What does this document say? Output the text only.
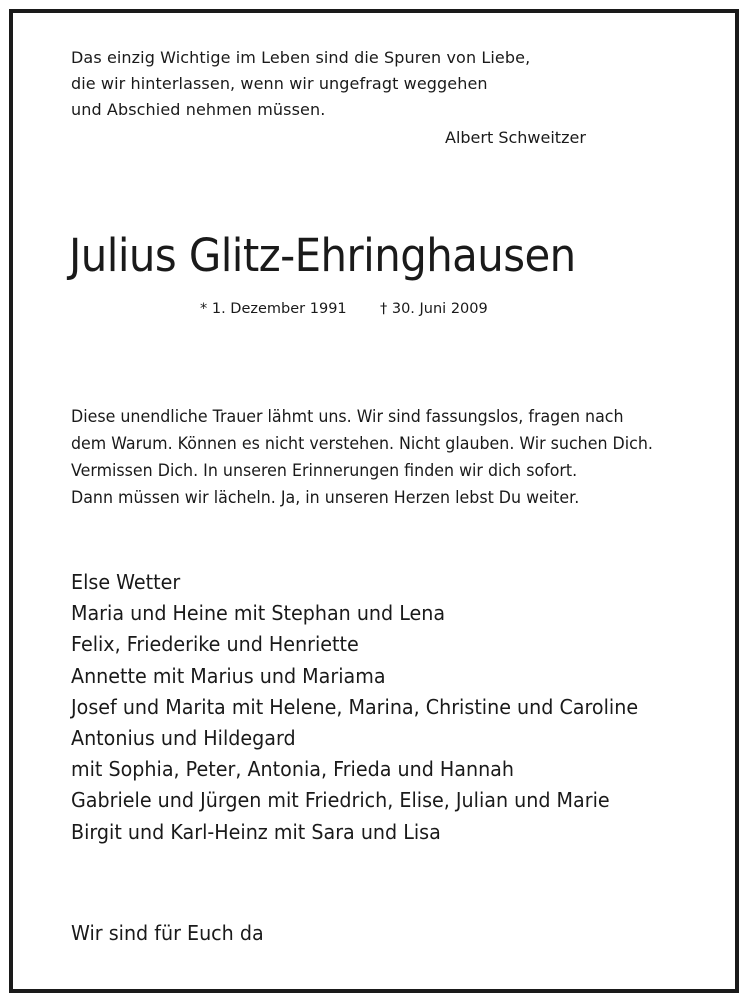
Das einzig Wichtige im Leben sind die Spuren von Liebe,
die wir hinterlassen, wenn wir ungefragt weggehen
und Abschied nehmen müssen.
Albert Schweitzer
Julius Glitz-Ehringhausen
* 1. Dezember 1991 † 30. Juni 2009
Diese unendliche Trauer lähmt uns. Wir sind fassungslos, fragen nach
dem Warum. Können es nicht verstehen. Nicht glauben. Wir suchen Dich.
Vermissen Dich. In unseren Erinnerungen finden wir dich sofort.
Dann müssen wir lächeln. Ja, in unseren Herzen lebst Du weiter.
Else Wetter
Maria und Heine mit Stephan und Lena
Felix, Friederike und Henriette
Annette mit Marius und Mariama
Josef und Marita mit Helene, Marina, Christine und Caroline
Antonius und Hildegard
mit Sophia, Peter, Antonia, Frieda und Hannah
Gabriele und Jürgen mit Friedrich, Elise, Julian und Marie
Birgit und Karl-Heinz mit Sara und Lisa
Wir sind für Euch da
